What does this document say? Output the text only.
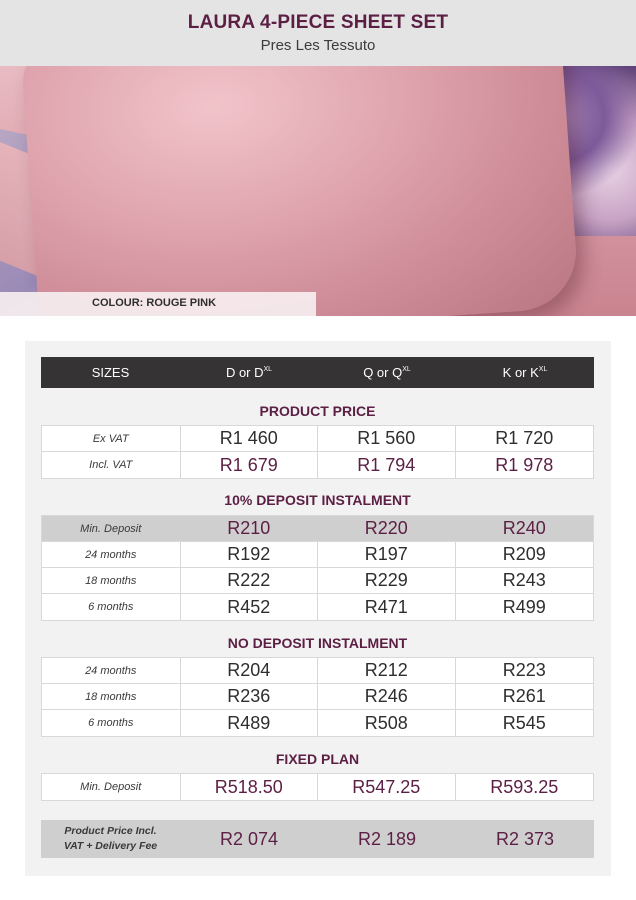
LAURA 4-PIECE SHEET SET
Pres Les Tessuto
COLOUR: ROUGE PINK
SIZES	D or $D^{XL}$	Q or $Q^{XL}$	K or $K^{XL}$
PRODUCT PRICE
Ex VAT	R1 460	R1 560	R1 720
Incl. VAT	R1 679	R1 794	R1 978
10% DEPOSIT INSTALMENT
Min. Deposit	R210	R220	R240
24 months	R192	R197	R209
18 months	R222	R229	R243
6 months	R452	R471	R499
NO DEPOSIT INSTALMENT
24 months	R204	R212	R223
18 months	R236	R246	R261
6 months	R489	R508	R545
FIXED PLAN
Min. Deposit	R518.50	R547.25	R593.25
Product Price Incl.
VAT + Delivery Fee	R2 074	R2 189	R2 373
